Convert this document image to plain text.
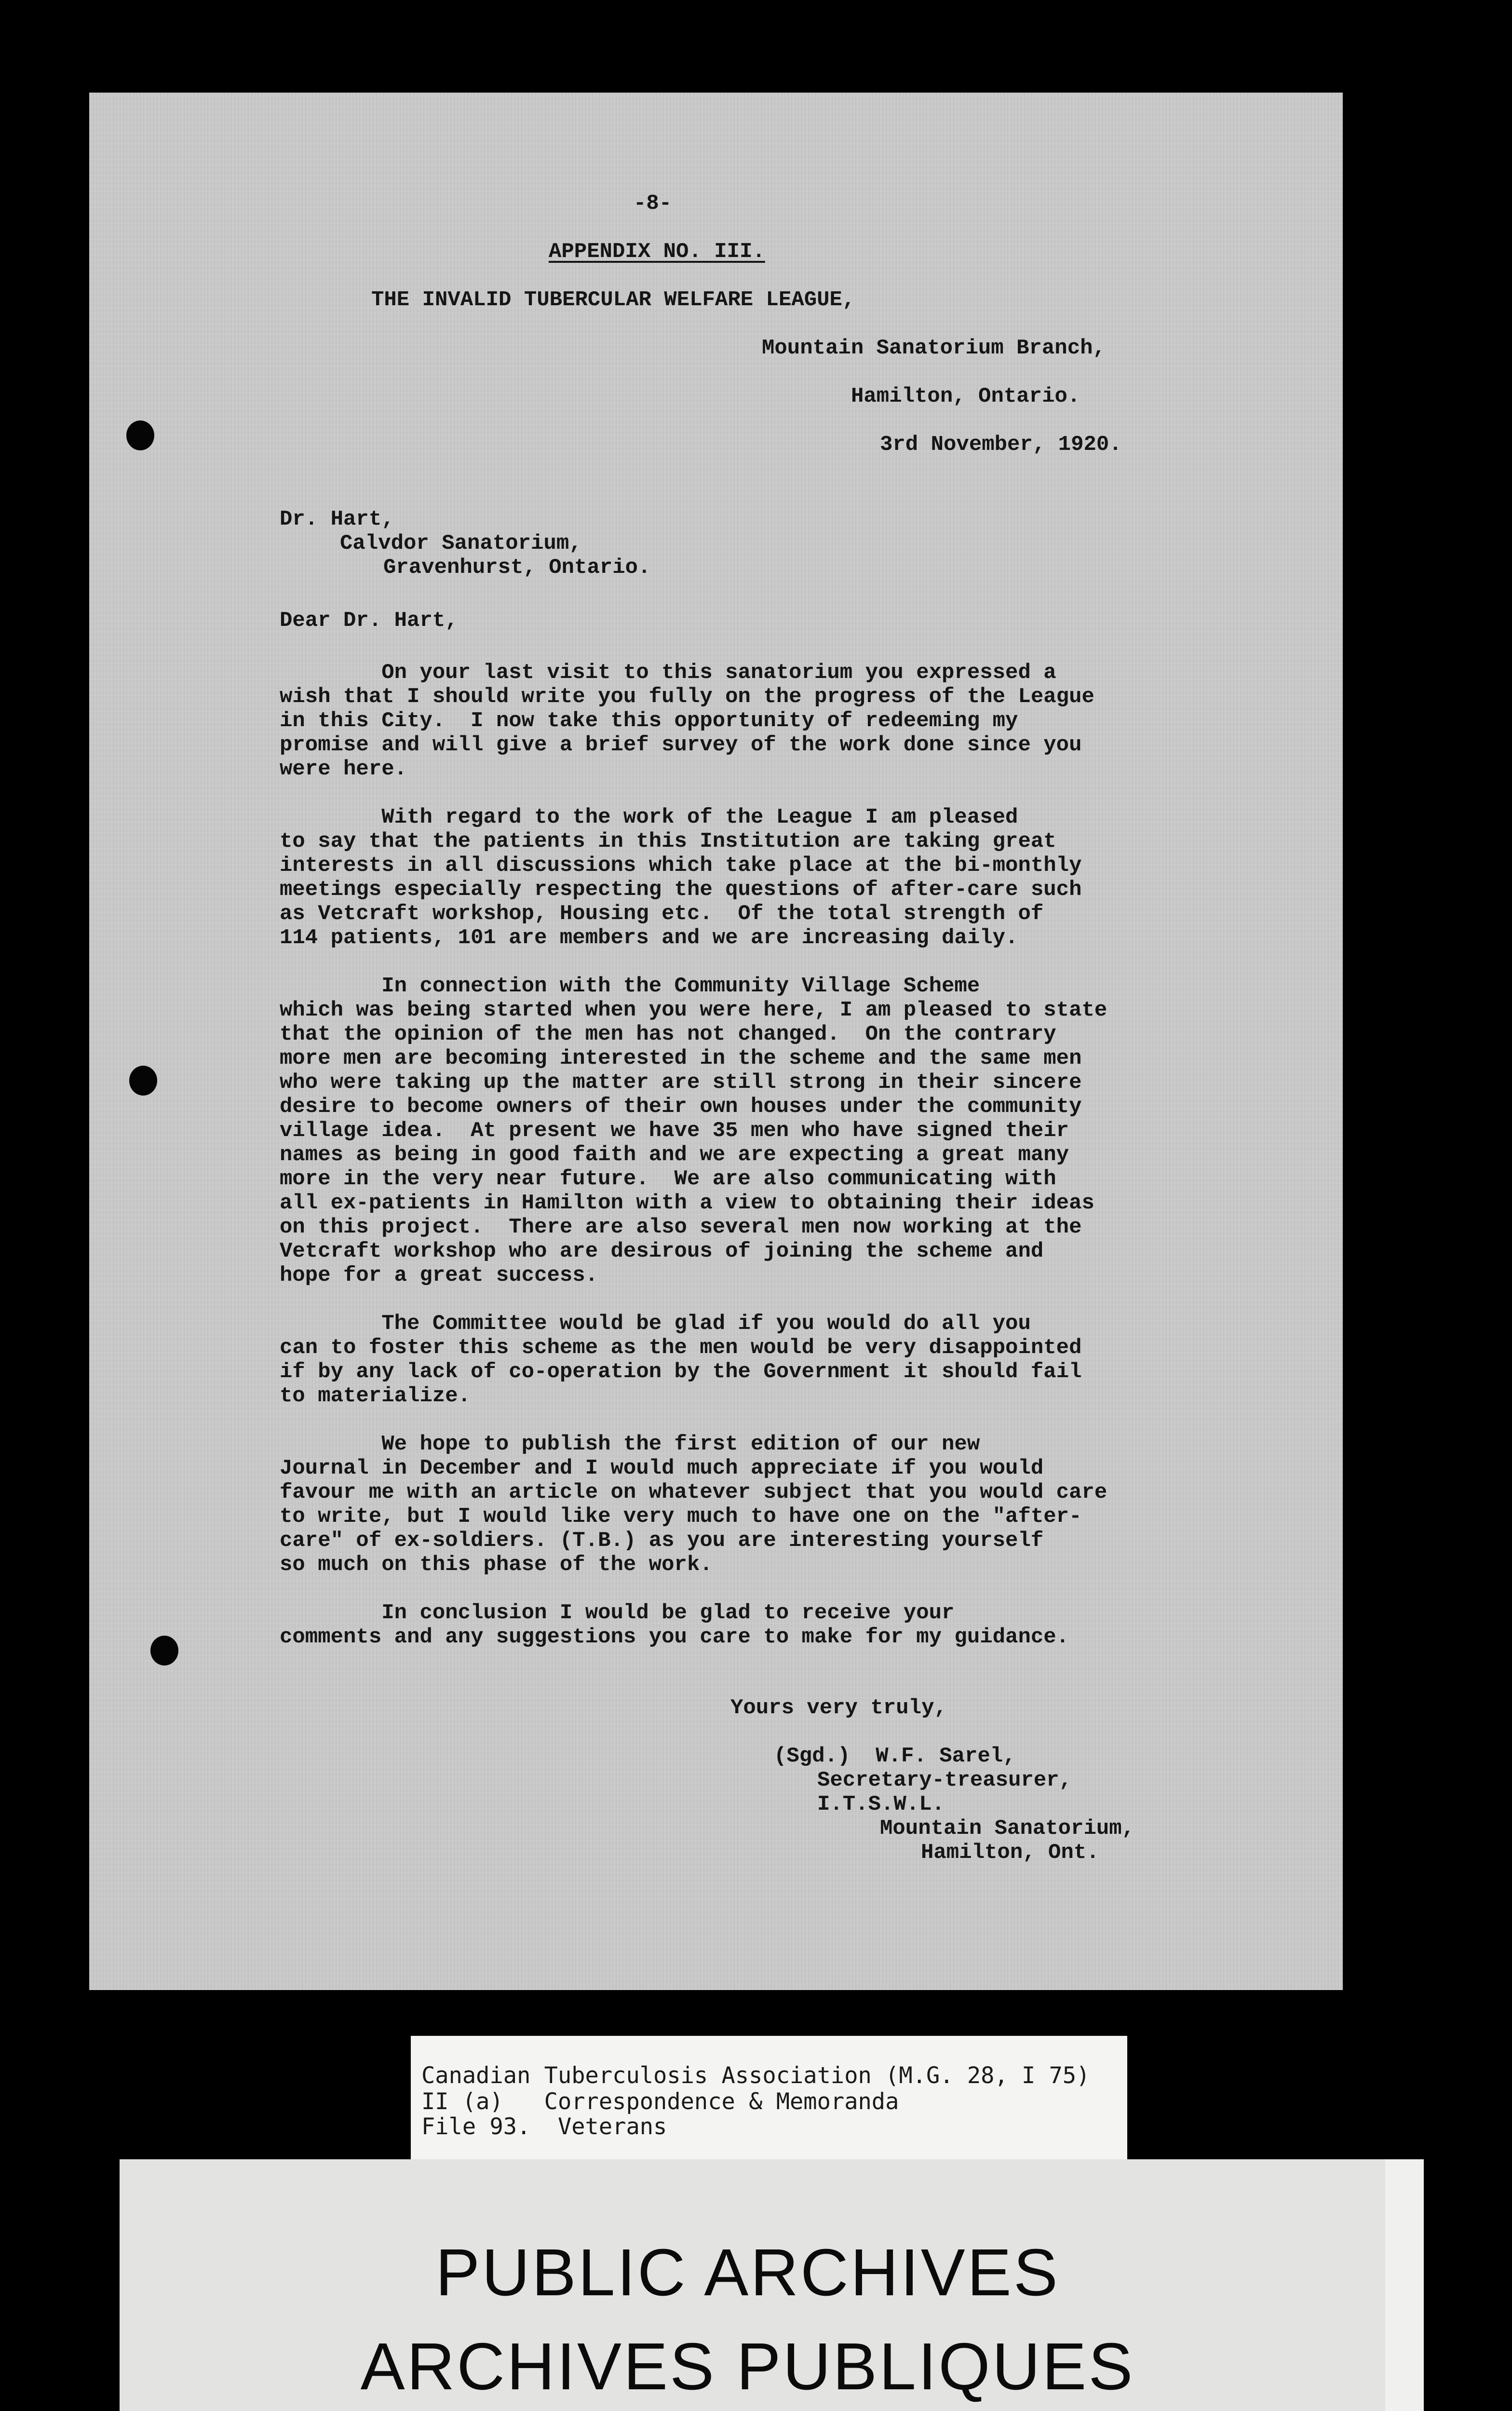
-8-
APPENDIX NO. III.
THE INVALID TUBERCULAR WELFARE LEAGUE,
Mountain Sanatorium Branch,
Hamilton, Ontario.
3rd November, 1920.
Dr. Hart,
Calvdor Sanatorium,
Gravenhurst, Ontario.
Dear Dr. Hart,
On your last visit to this sanatorium you expressed a
wish that I should write you fully on the progress of the League
in this City.  I now take this opportunity of redeeming my
promise and will give a brief survey of the work done since you
were here.
With regard to the work of the League I am pleased
to say that the patients in this Institution are taking great
interests in all discussions which take place at the bi-monthly
meetings especially respecting the questions of after-care such
as Vetcraft workshop, Housing etc.  Of the total strength of
114 patients, 101 are members and we are increasing daily.
In connection with the Community Village Scheme
which was being started when you were here, I am pleased to state
that the opinion of the men has not changed.  On the contrary
more men are becoming interested in the scheme and the same men
who were taking up the matter are still strong in their sincere
desire to become owners of their own houses under the community
village idea.  At present we have 35 men who have signed their
names as being in good faith and we are expecting a great many
more in the very near future.  We are also communicating with
all ex-patients in Hamilton with a view to obtaining their ideas
on this project.  There are also several men now working at the
Vetcraft workshop who are desirous of joining the scheme and
hope for a great success.
The Committee would be glad if you would do all you
can to foster this scheme as the men would be very disappointed
if by any lack of co-operation by the Government it should fail
to materialize.
We hope to publish the first edition of our new
Journal in December and I would much appreciate if you would
favour me with an article on whatever subject that you would care
to write, but I would like very much to have one on the "after-
care" of ex-soldiers. (T.B.) as you are interesting yourself
so much on this phase of the work.
In conclusion I would be glad to receive your
comments and any suggestions you care to make for my guidance.
Yours very truly,
(Sgd.)  W.F. Sarel,
Secretary-treasurer,
I.T.S.W.L.
Mountain Sanatorium,
Hamilton, Ont.
Canadian Tuberculosis Association (M.G. 28, I 75)
II (a)   Correspondence & Memoranda
File 93.  Veterans
PUBLIC ARCHIVES
ARCHIVES PUBLIQUES
